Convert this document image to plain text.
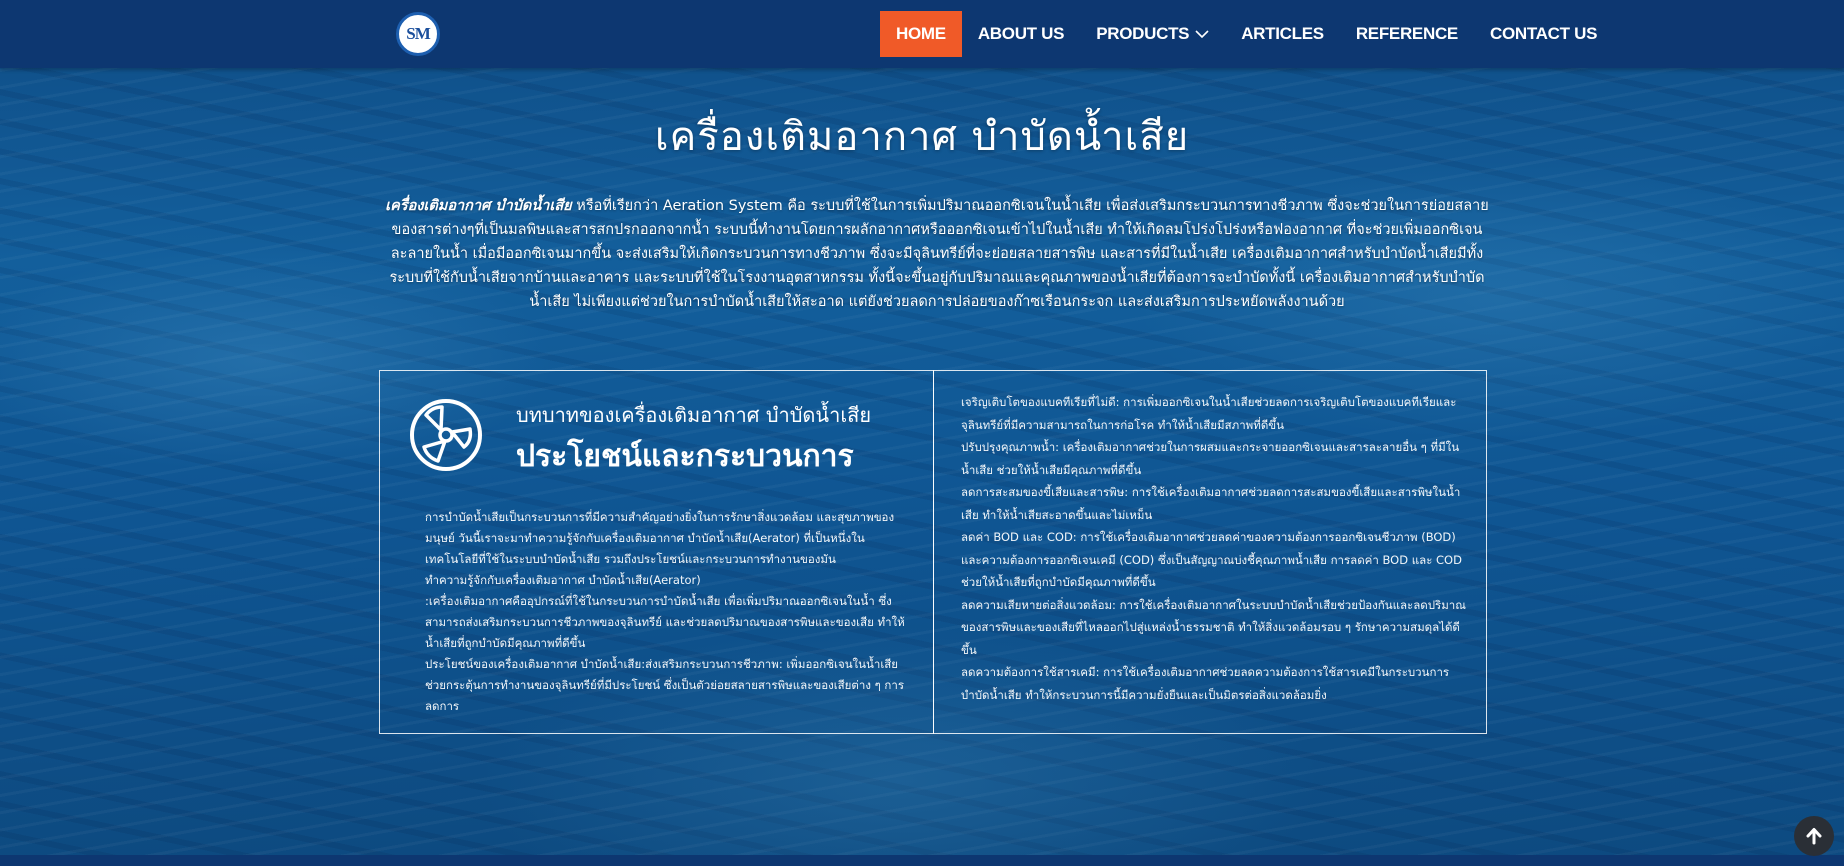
SM	HOME ABOUT US PRODUCTS	ARTICLES REFERENCE CONTACT US
เครื่องเติมอากาศ บำบัดน้ำเสีย

เครื่องเติมอากาศ บำบัดน้ำเสีย หรือที่เรียกว่า Aeration System คือ ระบบที่ใช้ในการเพิ่มปริมาณออกซิเจนในน้ำเสีย เพื่อส่งเสริมกระบวนการทางชีวภาพ ซึ่งจะช่วยในการย่อยสลายของสารต่างๆที่เป็นมลพิษและสารสกปรกออกจากน้ำ ระบบนี้ทำงานโดยการผลักอากาศหรือออกซิเจนเข้าไปในน้ำเสีย ทำให้เกิดลมโปร่งโปร่งหรือฟองอากาศ ที่จะช่วยเพิ่มออกซิเจนละลายในน้ำ เมื่อมีออกซิเจนมากขึ้น จะส่งเสริมให้เกิดกระบวนการทางชีวภาพ ซึ่งจะมีจุลินทรีย์ที่จะย่อยสลายสารพิษ และสารที่มีในน้ำเสีย เครื่องเติมอากาศสำหรับบำบัดน้ำเสียมีทั้งระบบที่ใช้กับน้ำเสียจากบ้านและอาคาร และระบบที่ใช้ในโรงงานอุตสาหกรรม ทั้งนี้จะขึ้นอยู่กับปริมาณและคุณภาพของน้ำเสียที่ต้องการจะบำบัดทั้งนี้ เครื่องเติมอากาศสำหรับบำบัดน้ำเสีย ไม่เพียงแต่ช่วยในการบำบัดน้ำเสียให้สะอาด แต่ยังช่วยลดการปล่อยของก๊าซเรือนกระจก และส่งเสริมการประหยัดพลังงานด้วย

บทบาทของเครื่องเติมอากาศ บำบัดน้ำเสีย
ประโยชน์และกระบวนการ

การบำบัดน้ำเสียเป็นกระบวนการที่มีความสำคัญอย่างยิ่งในการรักษาสิ่งแวดล้อม และสุขภาพของมนุษย์ วันนี้เราจะมาทำความรู้จักกับเครื่องเติมอากาศ บำบัดน้ำเสีย(Aerator) ที่เป็นหนึ่งในเทคโนโลยีที่ใช้ในระบบบำบัดน้ำเสีย รวมถึงประโยชน์และกระบวนการทำงานของมัน

ทำความรู้จักกับเครื่องเติมอากาศ บำบัดน้ำเสีย(Aerator)

:เครื่องเติมอากาศคืออุปกรณ์ที่ใช้ในกระบวนการบำบัดน้ำเสีย เพื่อเพิ่มปริมาณออกซิเจนในน้ำ ซึ่งสามารถส่งเสริมกระบวนการชีวภาพของจุลินทรีย์ และช่วยลดปริมาณของสารพิษและของเสีย ทำให้น้ำเสียที่ถูกบำบัดมีคุณภาพที่ดีขึ้น

ประโยชน์ของเครื่องเติมอากาศ บำบัดน้ำเสีย:ส่งเสริมกระบวนการชีวภาพ: เพิ่มออกซิเจนในน้ำเสียช่วยกระตุ้นการทำงานของจุลินทรีย์ที่มีประโยชน์ ซึ่งเป็นตัวย่อยสลายสารพิษและของเสียต่าง ๆ การลดการ

เจริญเติบโตของแบคทีเรียที่ไม่ดี: การเพิ่มออกซิเจนในน้ำเสียช่วยลดการเจริญเติบโตของแบคทีเรียและจุลินทรีย์ที่มีความสามารถในการก่อโรค ทำให้น้ำเสียมีสภาพที่ดีขึ้น

ปรับปรุงคุณภาพน้ำ: เครื่องเติมอากาศช่วยในการผสมและกระจายออกซิเจนและสารละลายอื่น ๆ ที่มีในน้ำเสีย ช่วยให้น้ำเสียมีคุณภาพที่ดีขึ้น

ลดการสะสมของขี้เสียและสารพิษ: การใช้เครื่องเติมอากาศช่วยลดการสะสมของขี้เสียและสารพิษในน้ำเสีย ทำให้น้ำเสียสะอาดขึ้นและไม่เหม็น

ลดค่า BOD และ COD: การใช้เครื่องเติมอากาศช่วยลดค่าของความต้องการออกซิเจนชีวภาพ (BOD) และความต้องการออกซิเจนเคมี (COD) ซึ่งเป็นสัญญาณบ่งชี้คุณภาพน้ำเสีย การลดค่า BOD และ COD ช่วยให้น้ำเสียที่ถูกบำบัดมีคุณภาพที่ดีขึ้น

ลดความเสียหายต่อสิ่งแวดล้อม: การใช้เครื่องเติมอากาศในระบบบำบัดน้ำเสียช่วยป้องกันและลดปริมาณของสารพิษและของเสียที่ไหลออกไปสู่แหล่งน้ำธรรมชาติ ทำให้สิ่งแวดล้อมรอบ ๆ รักษาความสมดุลได้ดีขึ้น

ลดความต้องการใช้สารเคมี: การใช้เครื่องเติมอากาศช่วยลดความต้องการใช้สารเคมีในกระบวนการบำบัดน้ำเสีย ทำให้กระบวนการนี้มีความยั่งยืนและเป็นมิตรต่อสิ่งแวดล้อมยิ่ง
